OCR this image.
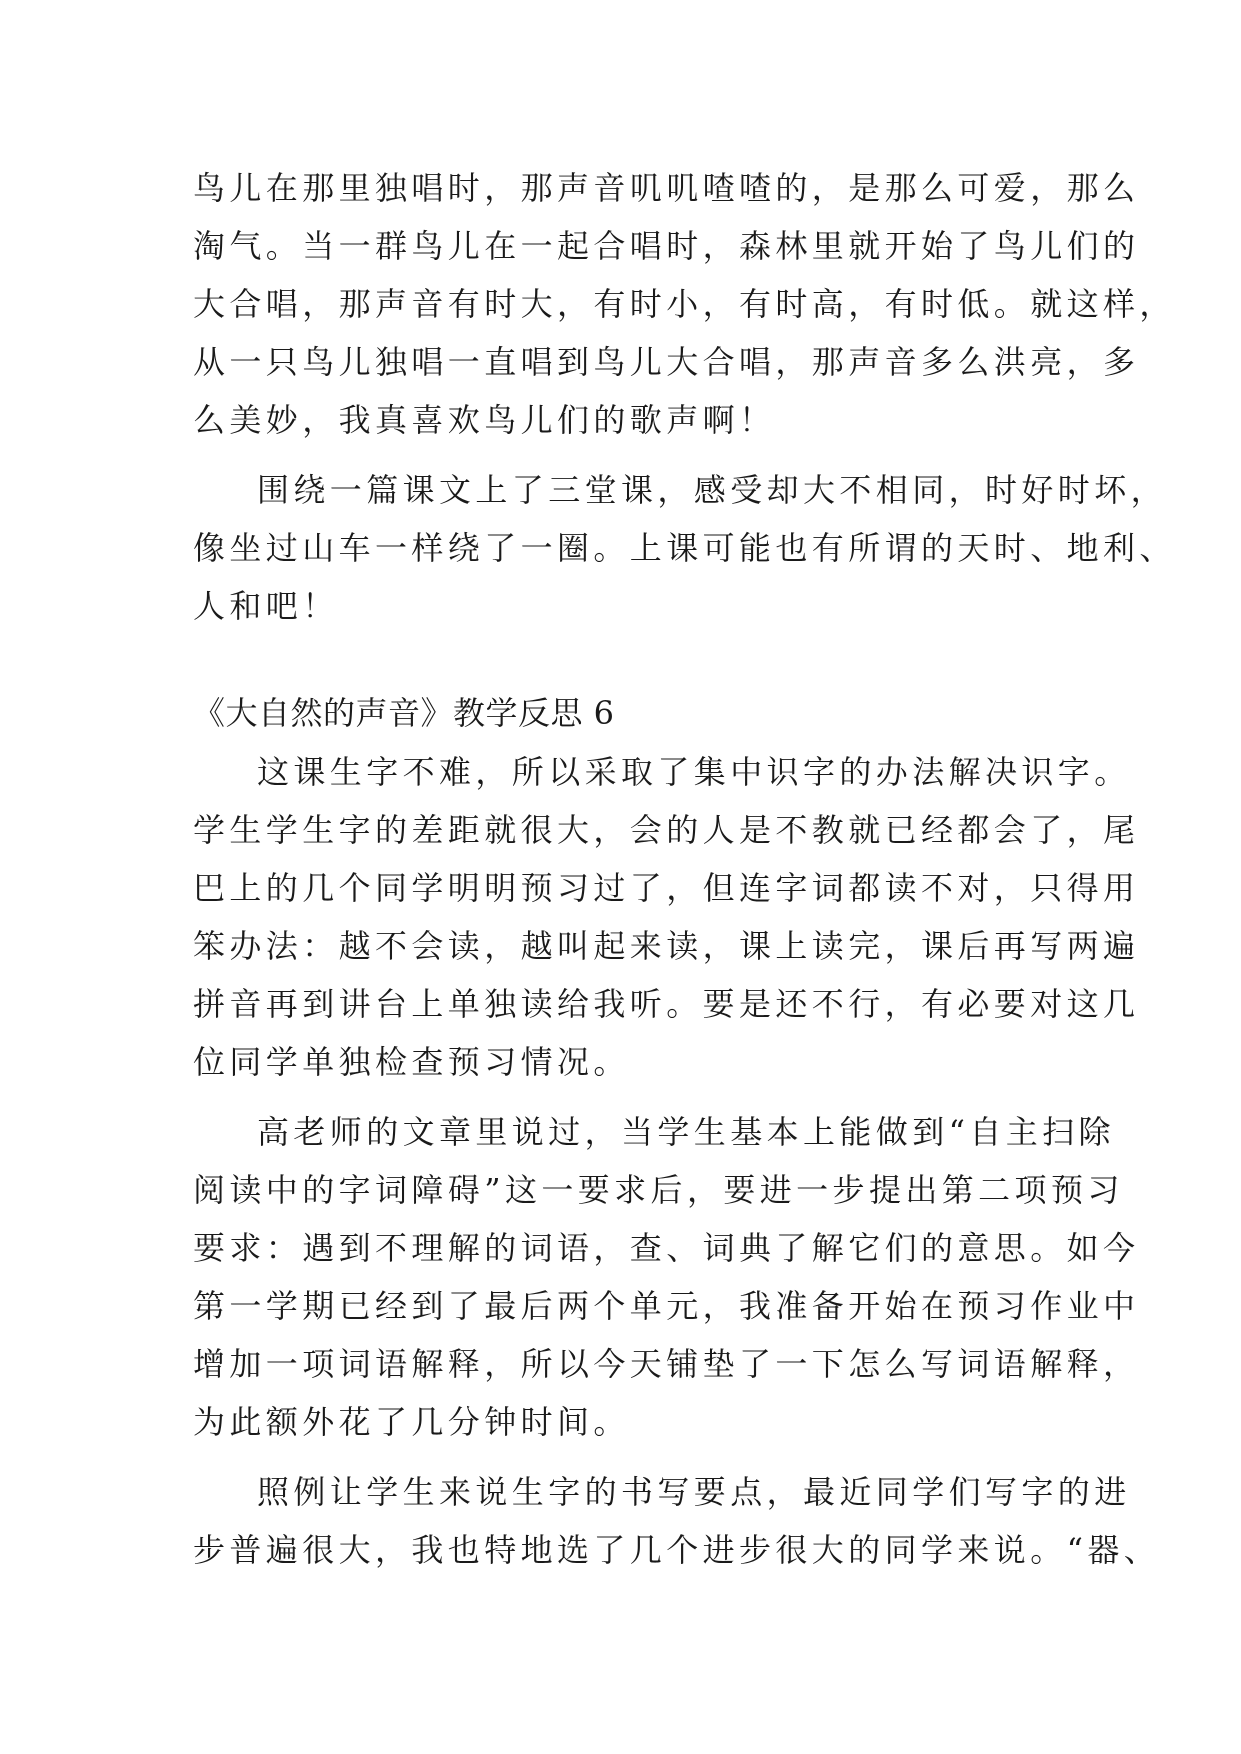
鸟儿在那里独唱时，那声音叽叽喳喳的，是那么可爱，那么
淘气。当一群鸟儿在一起合唱时，森林里就开始了鸟儿们的
大合唱，那声音有时大，有时小，有时高，有时低。就这样，
从一只鸟儿独唱一直唱到鸟儿大合唱，那声音多么洪亮，多
么美妙，我真喜欢鸟儿们的歌声啊！
围绕一篇课文上了三堂课，感受却大不相同，时好时坏，
像坐过山车一样绕了一圈。上课可能也有所谓的天时、地利、
人和吧！
《大自然的声音》教学反思 6
这课生字不难，所以采取了集中识字的办法解决识字。
学生学生字的差距就很大，会的人是不教就已经都会了，尾
巴上的几个同学明明预习过了，但连字词都读不对，只得用
笨办法：越不会读，越叫起来读，课上读完，课后再写两遍
拼音再到讲台上单独读给我听。要是还不行，有必要对这几
位同学单独检查预习情况。
高老师的文章里说过，当学生基本上能做到“自主扫除
阅读中的字词障碍”这一要求后，要进一步提出第二项预习
要求：遇到不理解的词语，查、词典了解它们的意思。如今
第一学期已经到了最后两个单元，我准备开始在预习作业中
增加一项词语解释，所以今天铺垫了一下怎么写词语解释，
为此额外花了几分钟时间。
照例让学生来说生字的书写要点，最近同学们写字的进
步普遍很大，我也特地选了几个进步很大的同学来说。“器、
